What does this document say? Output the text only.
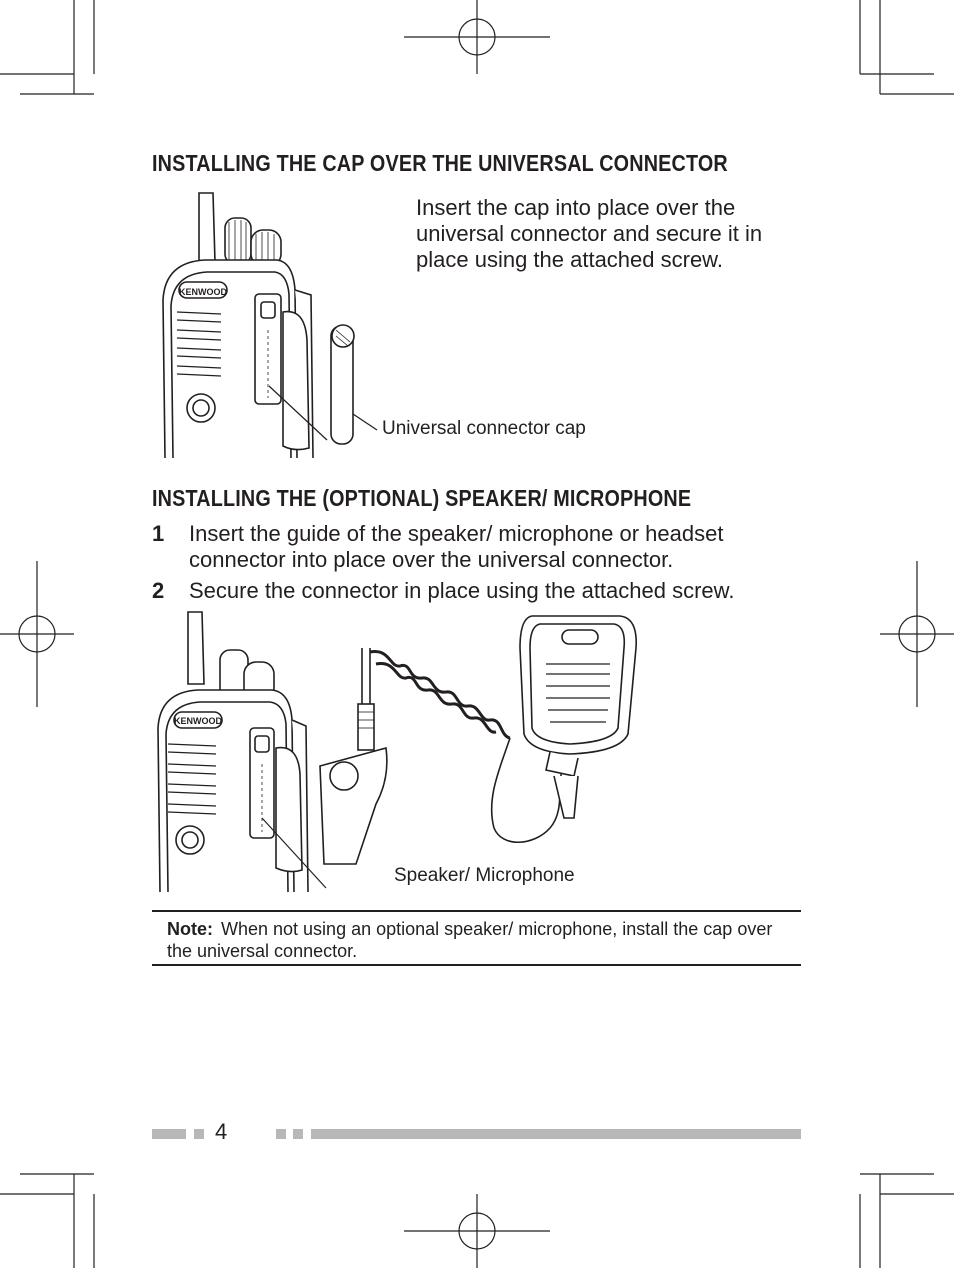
INSTALLING THE CAP OVER THE UNIVERSAL CONNECTOR

Insert the cap into place over the universal connector and secure it in place using the attached screw.

Universal connector cap
INSTALLING THE (OPTIONAL) SPEAKER/ MICROPHONE
1	Insert the guide of the speaker/ microphone or headset connector into place over the universal connector.
2	Secure the connector in place using the attached screw.
Speaker/ Microphone
Note: When not using an optional speaker/ microphone, install the cap over the universal connector.
4
KENWOOD
KENWOOD
